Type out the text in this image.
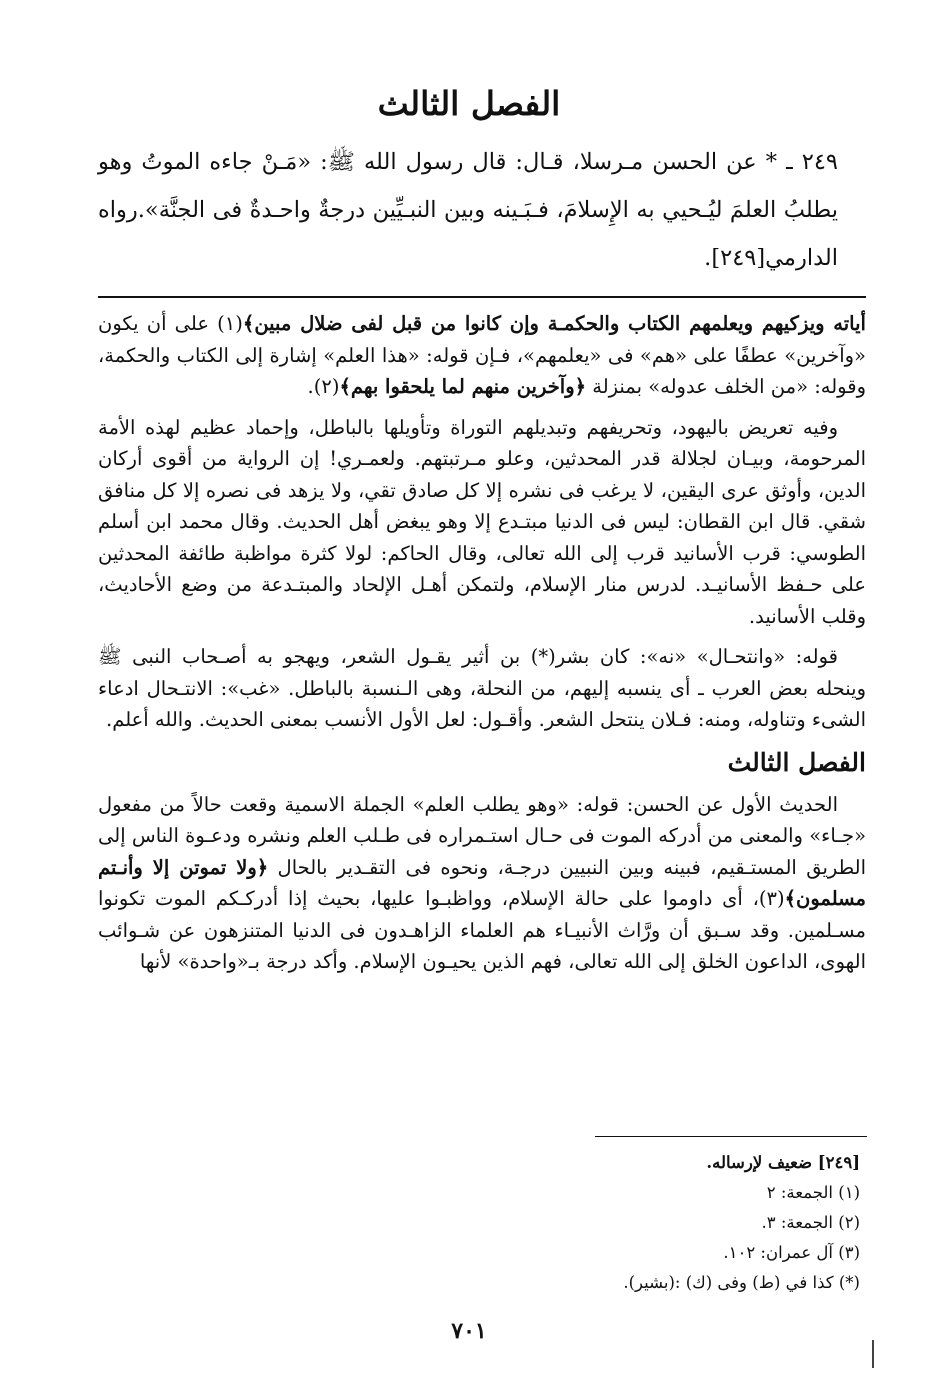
الفصل الثالث

٢٤٩ ـ * عن الحسن مـرسلا، قـال: قال رسول الله ﷺ: «مَـنْ جاءه الموتُ وهو يطلبُ العلمَ ليُـحيي به الإِسلامَ، فـبَـينه وبين النبـيِّين درجةٌ واحـدةٌ فى الجنَّة».رواه الدارمي[٢٤٩].

أياته ويزكيهم ويعلمهم الكتاب والحكمـة وإن كانوا من قبل لفى ضلال مبين﴾(١) على أن يكون «وآخرين» عطفًا على «هم» فى «يعلمهم»، فـإن قوله: «هذا العلم» إشارة إلى الكتاب والحكمة، وقوله: «من الخلف عدوله» بمنزلة ﴿وآخرين منهم لما يلحقوا بهم﴾(٢).

وفيه تعريض باليهود، وتحريفهم وتبديلهم التوراة وتأويلها بالباطل، وإحماد عظيم لهذه الأمة المرحومة، وبيـان لجلالة قدر المحدثين، وعلو مـرتبتهم. ولعمـري! إن الرواية من أقوى أركان الدين، وأوثق عرى اليقين، لا يرغب فى نشره إلا كل صادق تقي، ولا يزهد فى نصره إلا كل منافق شقي. قال ابن القطان: ليس فى الدنيا مبتـدع إلا وهو يبغض أهل الحديث. وقال محمد ابن أسلم الطوسي: قرب الأسانيد قرب إلى الله تعالى، وقال الحاكم: لولا كثرة مواظبة طائفة المحدثين على حـفظ الأسانيـد. لدرس منار الإسلام، ولتمكن أهـل الإلحاد والمبتـدعة من وضع الأحاديث، وقلب الأسانيد.

قوله: «وانتحـال» «نه»: كان بشر(*) بن أثير يقـول الشعر، ويهجو به أصـحاب النبى ﷺ وينحله بعض العرب ـ أى ينسبه إليهم، من النحلة، وهى الـنسبة بالباطل. «غب»: الانتـحال ادعاء الشىء وتناوله، ومنه: فـلان ينتحل الشعر. وأقـول: لعل الأول الأنسب بمعنى الحديث. والله أعلم.

الفصل الثالث

الحديث الأول عن الحسن: قوله: «وهو يطلب العلم» الجملة الاسمية وقعت حالاً من مفعول «جـاء» والمعنى من أدركه الموت فى حـال استـمراره فى طـلب العلم ونشره ودعـوة الناس إلى الطريق المستـقيم، فبينه وبين النبيين درجـة، ونحوه فى التقـدير بالحال ﴿ولا تموتن إلا وأنـتم مسلمون﴾(٣)، أى داوموا على حالة الإسلام، وواظبـوا عليها، بحيث إذا أدركـكم الموت تكونوا مسـلمين. وقد سـبق أن ورَّاث الأنبيـاء هم العلماء الزاهـدون فى الدنيا المتنزهون عن شـوائب الهوى، الداعون الخلق إلى الله تعالى، فهم الذين يحيـون الإسلام. وأكد درجة بـ«واحدة» لأنها

[٢٤٩] ضعيف لإرساله.
(١) الجمعة: ٢
(٢) الجمعة: ٣.
(٣) آل عمران: ١٠٢.
(*) كذا في (ط) وفى (ك) :(بشير).
٧٠١
